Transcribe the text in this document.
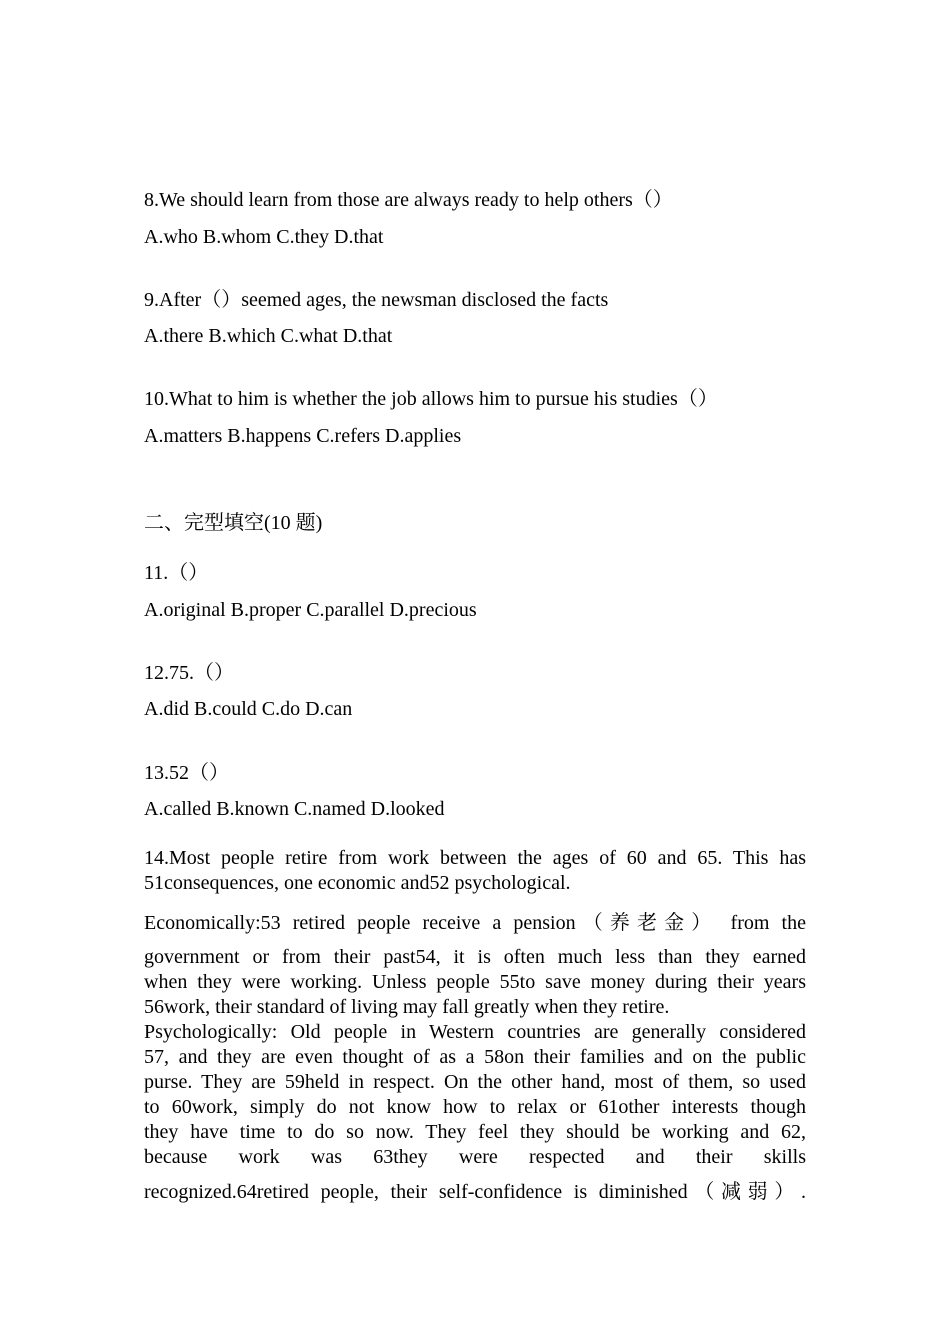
8.We should learn from those are always ready to help others（）
A.who B.whom C.they D.that
9.After（）seemed ages, the newsman disclosed the facts
A.there B.which C.what D.that
10.What to him is whether the job allows him to pursue his studies（）
A.matters B.happens C.refers D.applies
二、完型填空(10 题)
11.（）
A.original B.proper C.parallel D.precious
12.75.（）
A.did B.could C.do D.can
13.52（）
A.called B.known C.named D.looked
14.Most people retire from work between the ages of 60 and 65. This has
51consequences, one economic and52 psychological.
Economically:53 retired people receive a pension（养老金） from the
government or from their past54, it is often much less than they earned
when they were working. Unless people 55to save money during their years
56work, their standard of living may fall greatly when they retire.
Psychologically: Old people in Western countries are generally considered
57, and they are even thought of as a 58on their families and on the public
purse. They are 59held in respect. On the other hand, most of them, so used
to 60work, simply do not know how to relax or 61other interests though
they have time to do so now. They feel they should be working and 62,
because work was 63they were respected and their skills
recognized.64retired people, their self-confidence is diminished（减弱）.
